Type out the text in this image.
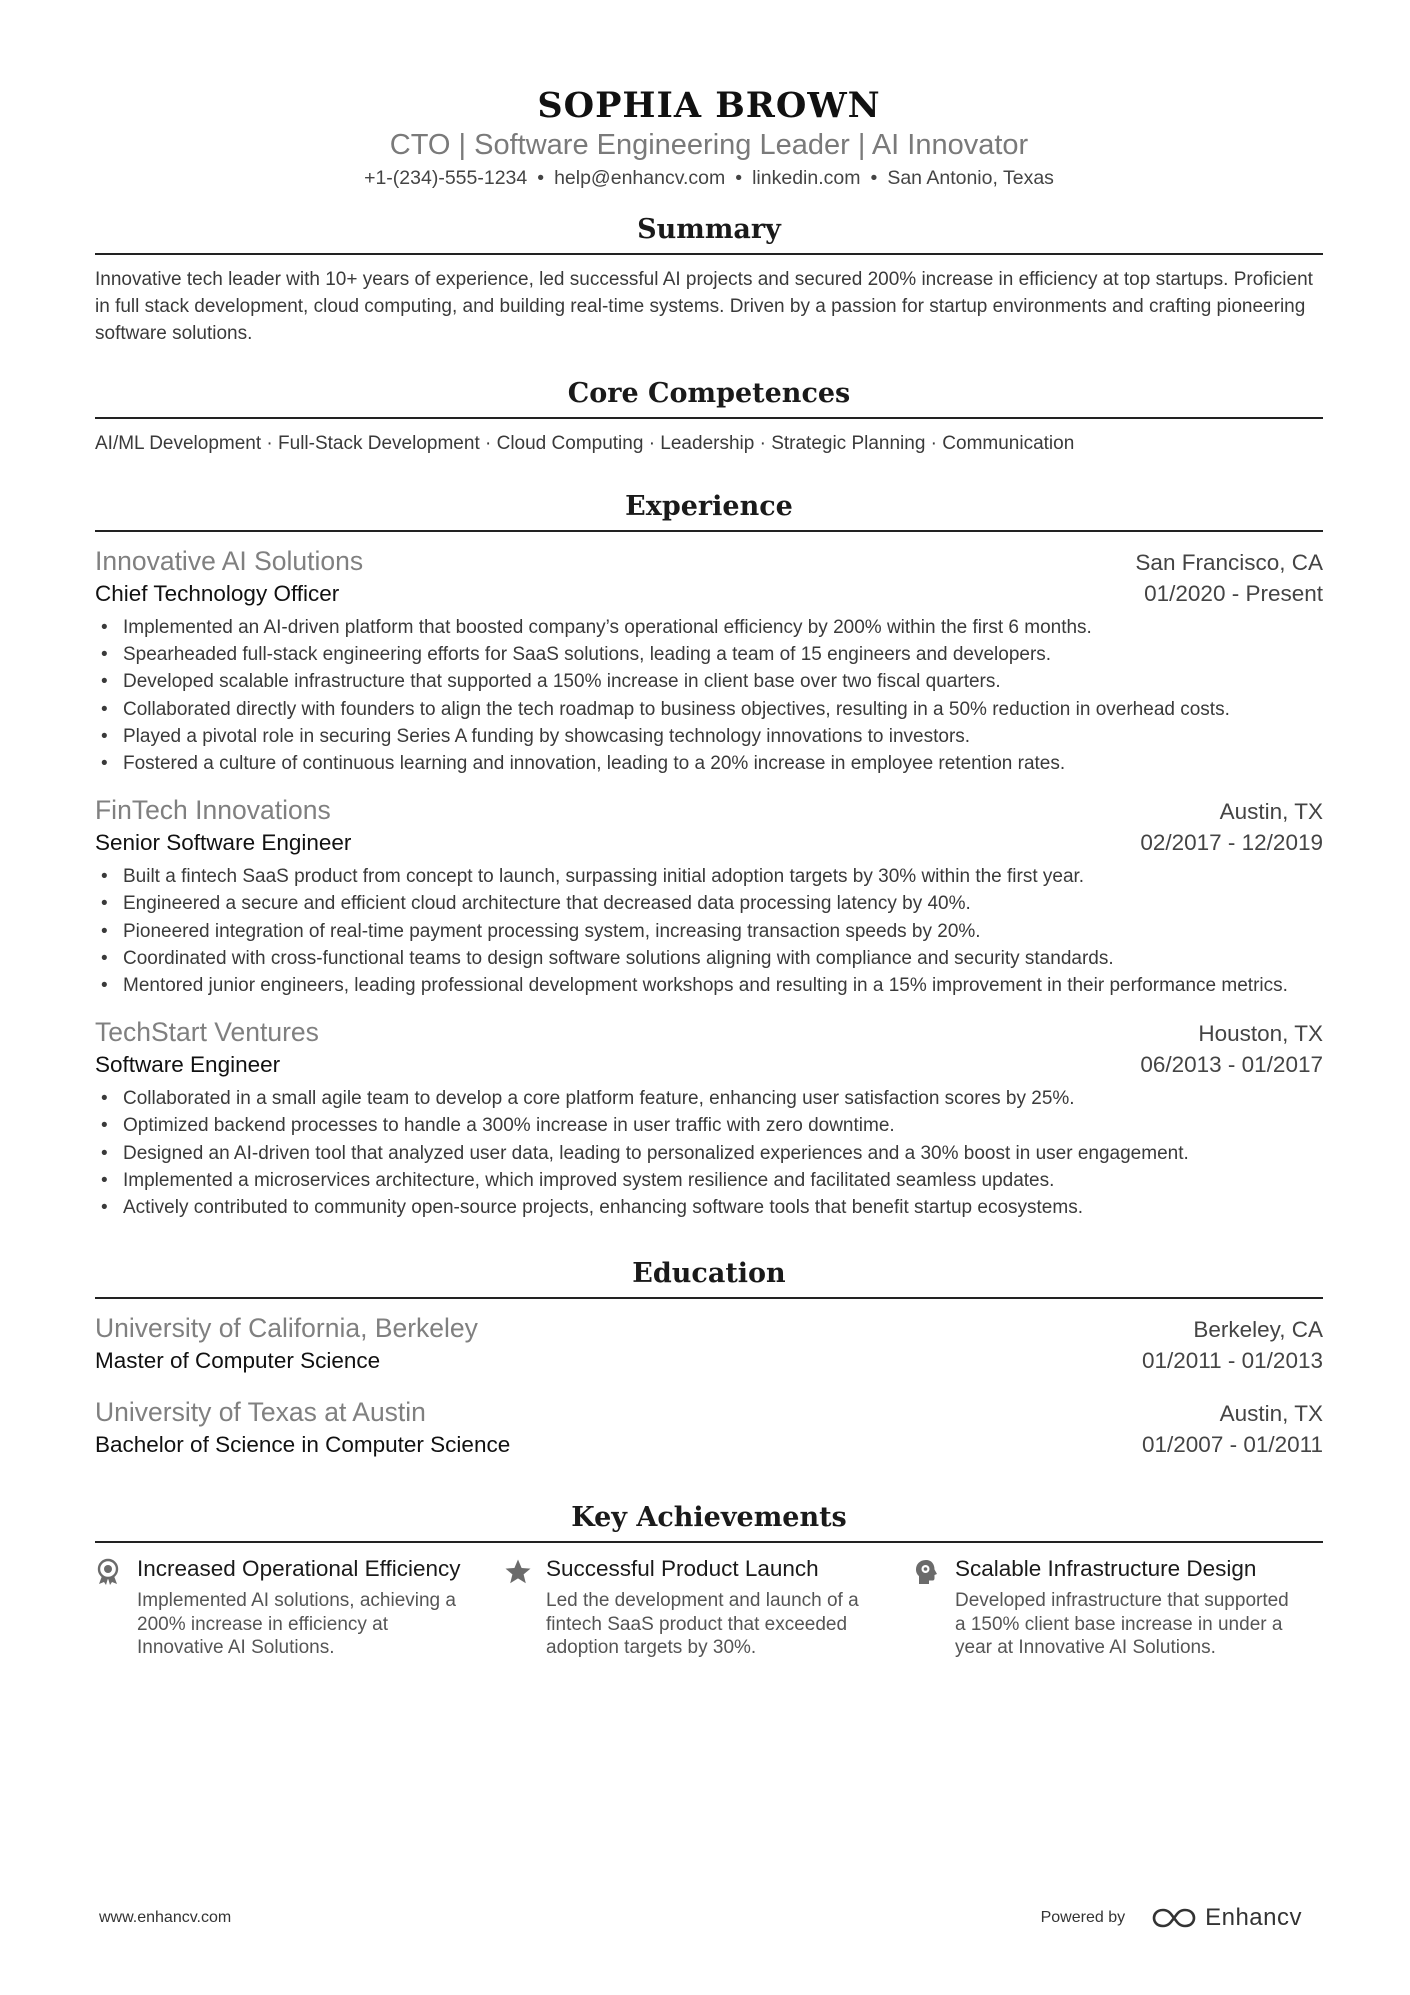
SOPHIA BROWN
CTO | Software Engineering Leader | AI Innovator
+1-(234)-555-1234 • help@enhancv.com • linkedin.com • San Antonio, Texas
Summary
Innovative tech leader with 10+ years of experience, led successful AI projects and secured 200% increase in efficiency at top startups. Proficient in full stack development, cloud computing, and building real-time systems. Driven by a passion for startup environments and crafting pioneering software solutions.
Core Competences
AI/ML Development · Full-Stack Development · Cloud Computing · Leadership · Strategic Planning · Communication
Experience
Innovative AI Solutions	San Francisco, CA
Chief Technology Officer	01/2020 - Present
• Implemented an AI-driven platform that boosted company’s operational efficiency by 200% within the first 6 months.
• Spearheaded full-stack engineering efforts for SaaS solutions, leading a team of 15 engineers and developers.
• Developed scalable infrastructure that supported a 150% increase in client base over two fiscal quarters.
• Collaborated directly with founders to align the tech roadmap to business objectives, resulting in a 50% reduction in overhead costs.
• Played a pivotal role in securing Series A funding by showcasing technology innovations to investors.
• Fostered a culture of continuous learning and innovation, leading to a 20% increase in employee retention rates.
FinTech Innovations	Austin, TX
Senior Software Engineer	02/2017 - 12/2019
• Built a fintech SaaS product from concept to launch, surpassing initial adoption targets by 30% within the first year.
• Engineered a secure and efficient cloud architecture that decreased data processing latency by 40%.
• Pioneered integration of real-time payment processing system, increasing transaction speeds by 20%.
• Coordinated with cross-functional teams to design software solutions aligning with compliance and security standards.
• Mentored junior engineers, leading professional development workshops and resulting in a 15% improvement in their performance metrics.
TechStart Ventures	Houston, TX
Software Engineer	06/2013 - 01/2017
• Collaborated in a small agile team to develop a core platform feature, enhancing user satisfaction scores by 25%.
• Optimized backend processes to handle a 300% increase in user traffic with zero downtime.
• Designed an AI-driven tool that analyzed user data, leading to personalized experiences and a 30% boost in user engagement.
• Implemented a microservices architecture, which improved system resilience and facilitated seamless updates.
• Actively contributed to community open-source projects, enhancing software tools that benefit startup ecosystems.
Education
University of California, Berkeley	Berkeley, CA
Master of Computer Science	01/2011 - 01/2013
University of Texas at Austin	Austin, TX
Bachelor of Science in Computer Science	01/2007 - 01/2011
Key Achievements
Increased Operational Efficiency
Implemented AI solutions, achieving a 200% increase in efficiency at Innovative AI Solutions.
Successful Product Launch
Led the development and launch of a fintech SaaS product that exceeded adoption targets by 30%.
Scalable Infrastructure Design
Developed infrastructure that supported a 150% client base increase in under a year at Innovative AI Solutions.
www.enhancv.com	Powered by	Enhancv
